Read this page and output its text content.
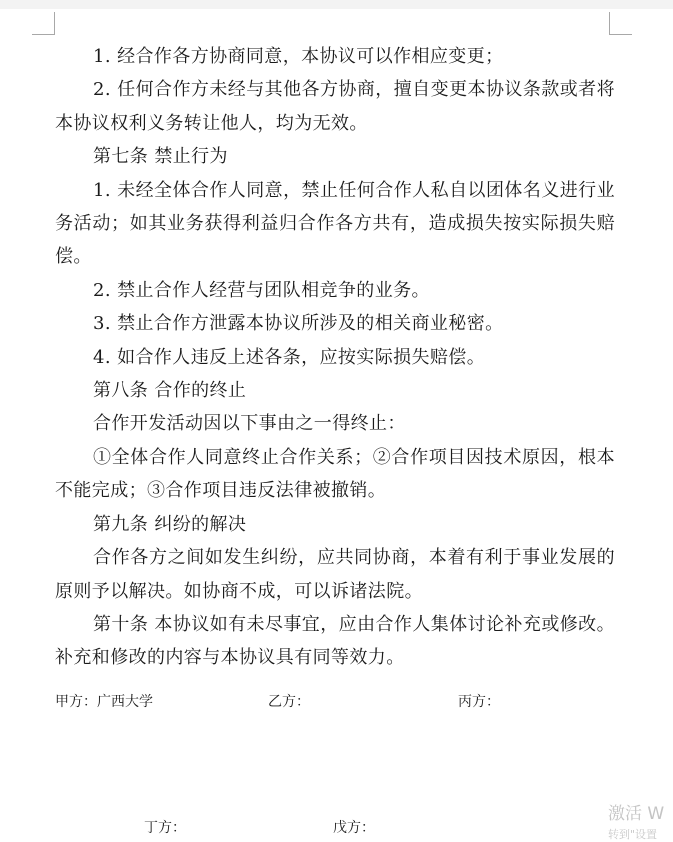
1. 经合作各方协商同意，本协议可以作相应变更；

2. 任何合作方未经与其他各方协商，擅自变更本协议条款或者将本协议权利义务转让他人，均为无效。

第七条 禁止行为

1. 未经全体合作人同意，禁止任何合作人私自以团体名义进行业务活动；如其业务获得利益归合作各方共有，造成损失按实际损失赔偿。

2. 禁止合作人经营与团队相竞争的业务。

3. 禁止合作方泄露本协议所涉及的相关商业秘密。

4. 如合作人违反上述各条，应按实际损失赔偿。

第八条 合作的终止

合作开发活动因以下事由之一得终止：

①全体合作人同意终止合作关系；②合作项目因技术原因，根本不能完成；③合作项目违反法律被撤销。

第九条 纠纷的解决

合作各方之间如发生纠纷，应共同协商，本着有利于事业发展的原则予以解决。如协商不成，可以诉诸法院。

第十条 本协议如有未尽事宜，应由合作人集体讨论补充或修改。补充和修改的内容与本协议具有同等效力。

甲方：广西大学	乙方：	丙方：
丁方：	戊方：
激活 W
转到"设置
